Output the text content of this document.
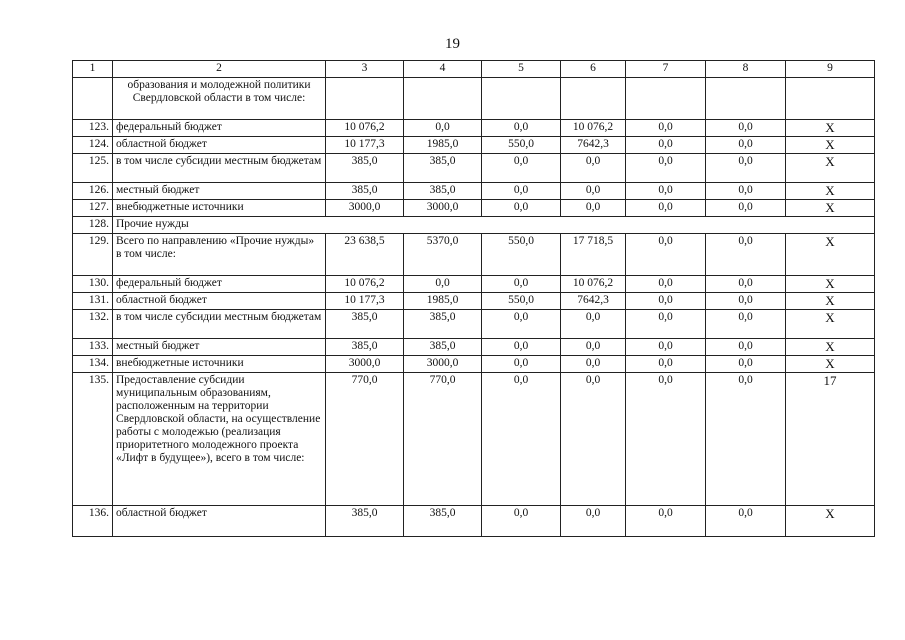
19
1	2	3	4	5	6	7	8	9
	образования и молодежной политики Свердловской области в том числе:							
123.	федеральный бюджет	10 076,2	0,0	0,0	10 076,2	0,0	0,0	X
124.	областной бюджет	10 177,3	1985,0	550,0	7642,3	0,0	0,0	X
125.	в том числе субсидии местным бюджетам	385,0	385,0	0,0	0,0	0,0	0,0	X
126.	местный бюджет	385,0	385,0	0,0	0,0	0,0	0,0	X
127.	внебюджетные источники	3000,0	3000,0	0,0	0,0	0,0	0,0	X
128.	Прочие нужды							
129.	Всего по направлению «Прочие нужды» в том числе:	23 638,5	5370,0	550,0	17 718,5	0,0	0,0	X
130.	федеральный бюджет	10 076,2	0,0	0,0	10 076,2	0,0	0,0	X
131.	областной бюджет	10 177,3	1985,0	550,0	7642,3	0,0	0,0	X
132.	в том числе субсидии местным бюджетам	385,0	385,0	0,0	0,0	0,0	0,0	X
133.	местный бюджет	385,0	385,0	0,0	0,0	0,0	0,0	X
134.	внебюджетные источники	3000,0	3000,0	0,0	0,0	0,0	0,0	X
135.	Предоставление субсидии муниципальным образованиям, расположенным на территории Свердловской области, на осуществление работы с молодежью (реализация приоритетного молодежного проекта «Лифт в будущее»), всего в том числе:	770,0	770,0	0,0	0,0	0,0	0,0	17
136.	областной бюджет	385,0	385,0	0,0	0,0	0,0	0,0	X
